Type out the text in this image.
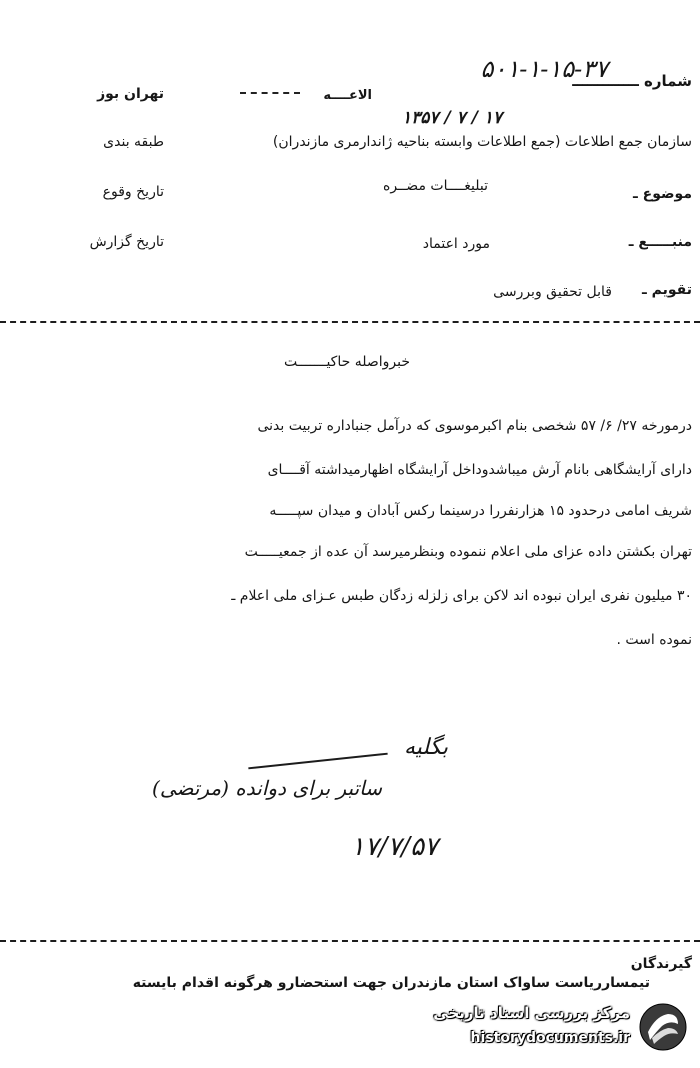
شماره ـــــــــــــ
۵۰۱-۱-۱۵-۳۷
الاعــــه
تهران بوز
۱۷ / ۷ / ۱۳۵۷
سازمان جمع اطلاعات (جمع اطلاعات وابسته بناحیه ژاندارمری مازندران)
طبقه بندی
موضوع ـ
تبلیغــــات مضــره
تاریخ وقوع
منبـــــع ـ
مورد اعتماد
تاریخ گزارش
تقویم ـ
قابل تحقیق وبررسی
خبرواصله حاکیـــــــت
درمورخه ۲۷/ ۶/ ۵۷ شخصی بنام اکبرموسوی که درآمل جنباداره تربیت بدنی
دارای آرایشگاهی بانام آرش میباشدوداخل آرایشگاه اظهارمیداشته آقــــای
شریف امامی درحدود ۱۵ هزارنفررا درسینما رکس آبادان و میدان سپـــــه
تهران بکشتن داده عزای ملی اعلام ننموده وبنظرمیرسد آن عده از جمعیـــــت
۳۰ میلیون نفری ایران نبوده اند لاکن برای زلزله زدگان طبس عـزای ملی اعلام ـ
نموده است .
بگلیه
ساتبر برای دوانده (مرتضی)
۱۷/۷/۵۷
گیرندگان
تیمسارریاست ساواک استان مازندران جهت استحضارو هرگونه اقدام بایسته
مرکز بررسی اسناد تاریخی
historydocuments.ir
